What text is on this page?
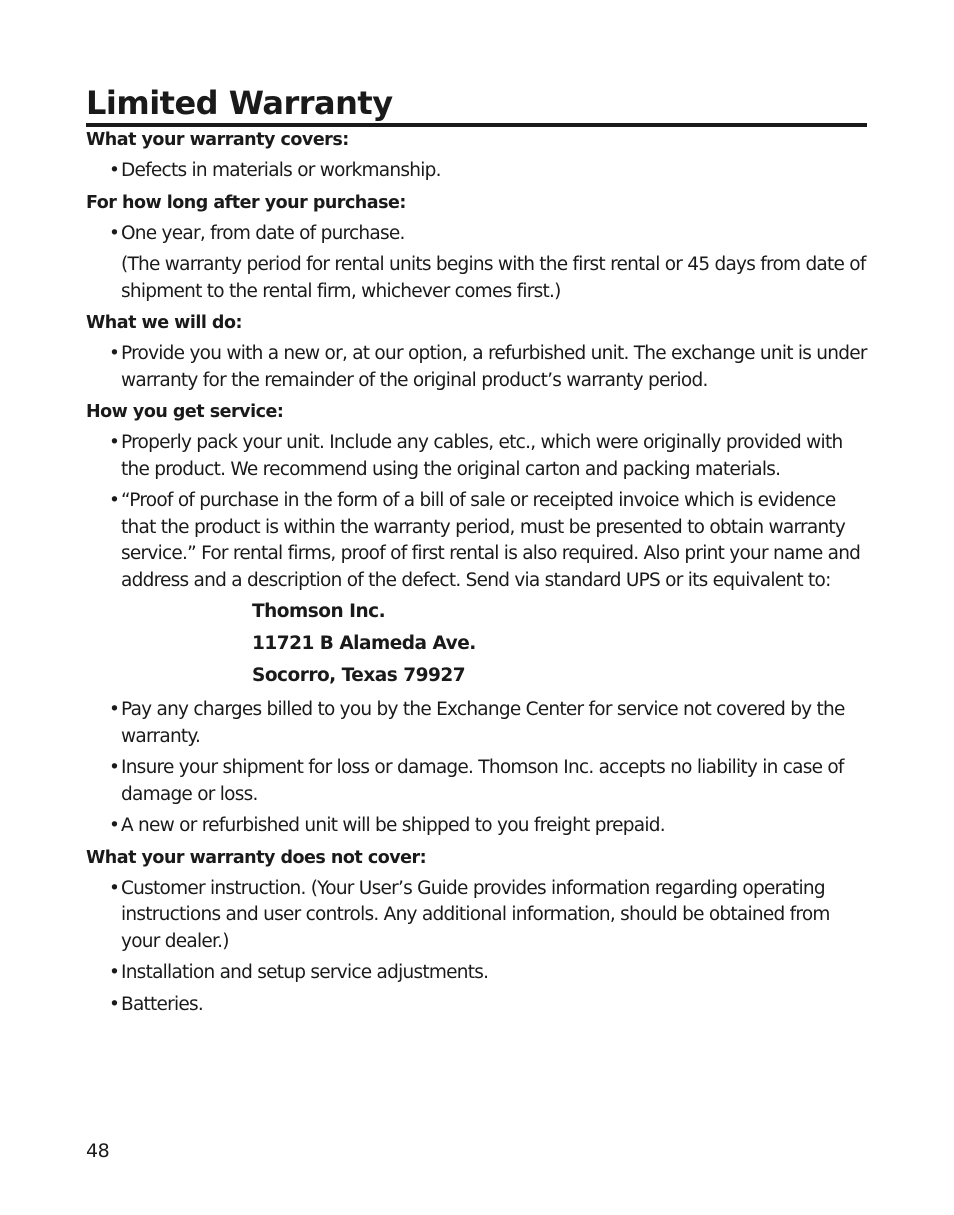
Limited Warranty
What your warranty covers:
• Defects in materials or workmanship.
For how long after your purchase:
• One year, from date of purchase.
(The warranty period for rental units begins with the first rental or 45 days from date of shipment to the rental firm, whichever comes first.)
What we will do:
• Provide you with a new or, at our option, a refurbished unit. The exchange unit is under warranty for the remainder of the original product’s warranty period.
How you get service:
• Properly pack your unit. Include any cables, etc., which were originally provided with the product. We recommend using the original carton and packing materials.
• “Proof of purchase in the form of a bill of sale or receipted invoice which is evidence that the product is within the warranty period, must be presented to obtain warranty service.” For rental firms, proof of first rental is also required. Also print your name and address and a description of the defect. Send via standard UPS or its equivalent to:
Thomson Inc.
11721 B Alameda Ave.
Socorro, Texas 79927
• Pay any charges billed to you by the Exchange Center for service not covered by the warranty.
• Insure your shipment for loss or damage. Thomson Inc. accepts no liability in case of damage or loss.
• A new or refurbished unit will be shipped to you freight prepaid.
What your warranty does not cover:
• Customer instruction. (Your User’s Guide provides information regarding operating instructions and user controls. Any additional information, should be obtained from your dealer.)
• Installation and setup service adjustments.
• Batteries.
48
